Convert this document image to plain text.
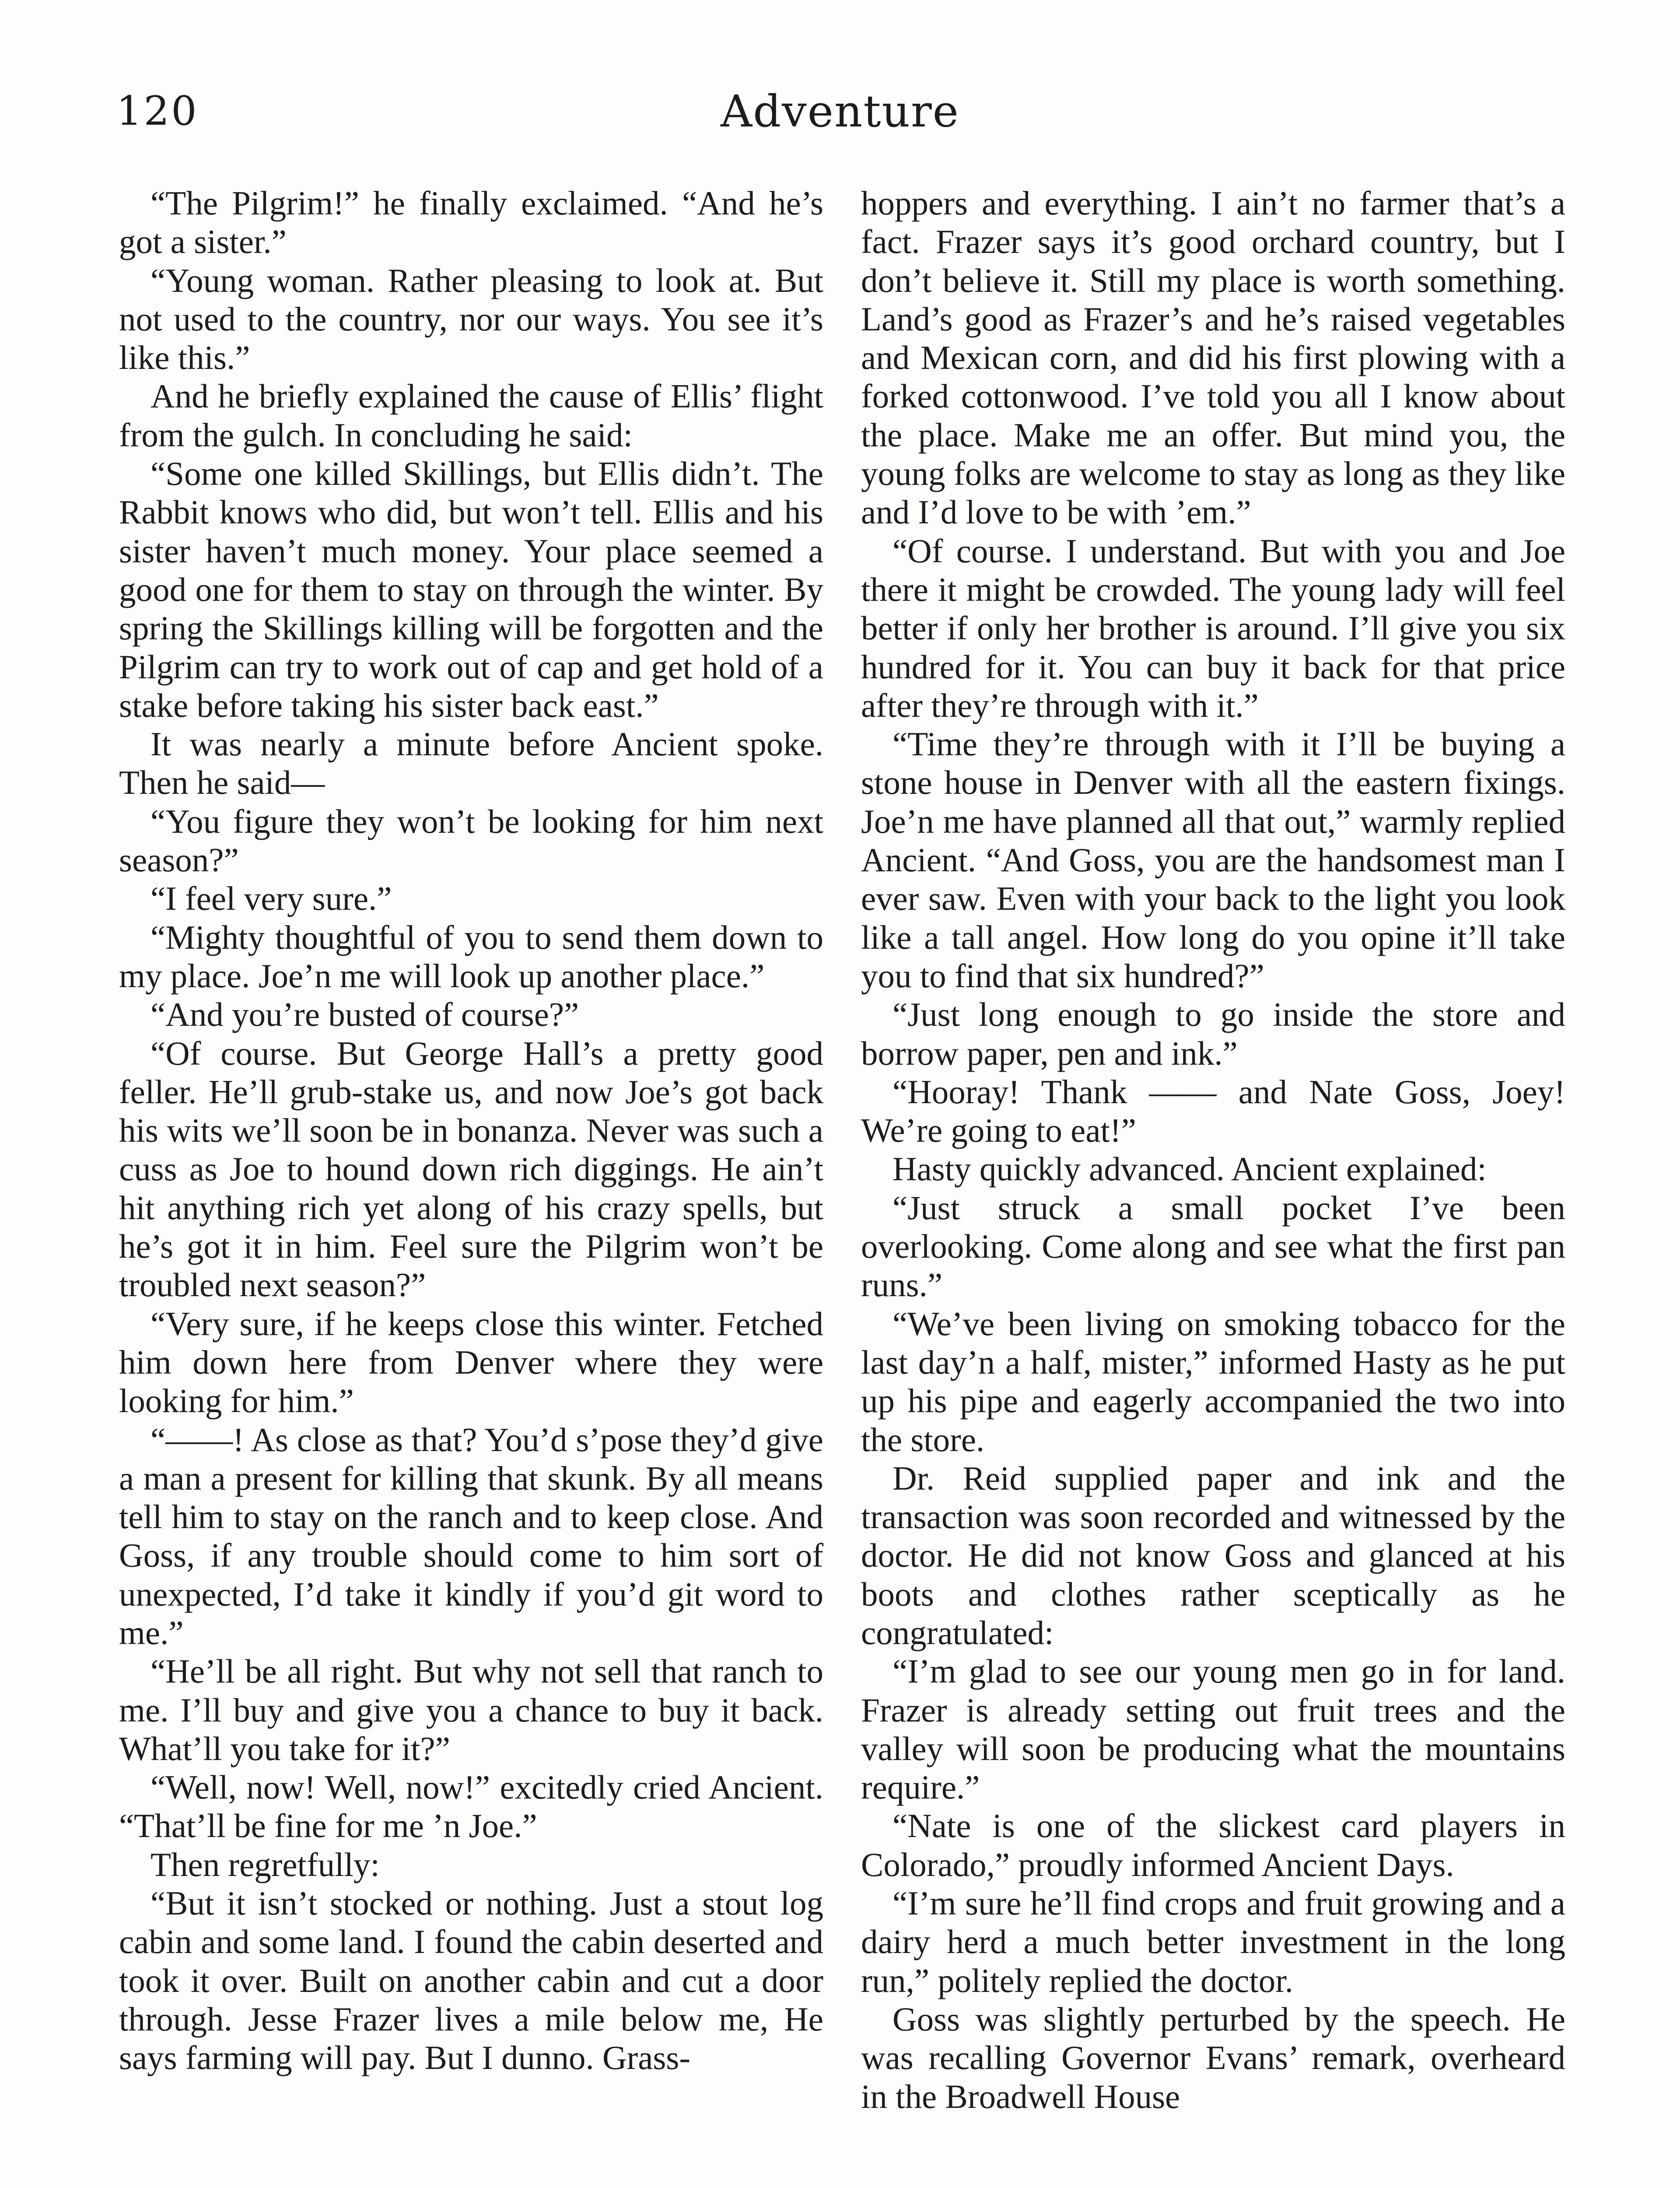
120	Adventure

“The Pilgrim!” he finally exclaimed. “And he’s got a sister.”

“Young woman. Rather pleasing to look at. But not used to the country, nor our ways. You see it’s like this.”

And he briefly explained the cause of Ellis’ flight from the gulch. In concluding he said:

“Some one killed Skillings, but Ellis didn’t. The Rabbit knows who did, but won’t tell. Ellis and his sister haven’t much money. Your place seemed a good one for them to stay on through the winter. By spring the Skillings killing will be forgotten and the Pilgrim can try to work out of cap and get hold of a stake before taking his sister back east.”

It was nearly a minute before Ancient spoke. Then he said—

“You figure they won’t be looking for him next season?”

“I feel very sure.”

“Mighty thoughtful of you to send them down to my place. Joe’n me will look up another place.”

“And you’re busted of course?”

“Of course. But George Hall’s a pretty good feller. He’ll grub-stake us, and now Joe’s got back his wits we’ll soon be in bonanza. Never was such a cuss as Joe to hound down rich diggings. He ain’t hit anything rich yet along of his crazy spells, but he’s got it in him. Feel sure the Pilgrim won’t be troubled next season?”

“Very sure, if he keeps close this winter. Fetched him down here from Denver where they were looking for him.”

“——! As close as that? You’d s’pose they’d give a man a present for killing that skunk. By all means tell him to stay on the ranch and to keep close. And Goss, if any trouble should come to him sort of unexpected, I’d take it kindly if you’d git word to me.”

“He’ll be all right. But why not sell that ranch to me. I’ll buy and give you a chance to buy it back. What’ll you take for it?”

“Well, now! Well, now!” excitedly cried Ancient. “That’ll be fine for me ’n Joe.”

Then regretfully:

“But it isn’t stocked or nothing. Just a stout log cabin and some land. I found the cabin deserted and took it over. Built on another cabin and cut a door through. Jesse Frazer lives a mile below me, He says farming will pay. But I dunno. Grass-

hoppers and everything. I ain’t no farmer that’s a fact. Frazer says it’s good orchard country, but I don’t believe it. Still my place is worth something. Land’s good as Frazer’s and he’s raised vegetables and Mexican corn, and did his first plowing with a forked cottonwood. I’ve told you all I know about the place. Make me an offer. But mind you, the young folks are welcome to stay as long as they like and I’d love to be with ’em.”

“Of course. I understand. But with you and Joe there it might be crowded. The young lady will feel better if only her brother is around. I’ll give you six hundred for it. You can buy it back for that price after they’re through with it.”

“Time they’re through with it I’ll be buying a stone house in Denver with all the eastern fixings. Joe’n me have planned all that out,” warmly replied Ancient. “And Goss, you are the handsomest man I ever saw. Even with your back to the light you look like a tall angel. How long do you opine it’ll take you to find that six hundred?”

“Just long enough to go inside the store and borrow paper, pen and ink.”

“Hooray! Thank —— and Nate Goss, Joey! We’re going to eat!”

Hasty quickly advanced. Ancient explained:

“Just struck a small pocket I’ve been overlooking. Come along and see what the first pan runs.”

“We’ve been living on smoking tobacco for the last day’n a half, mister,” informed Hasty as he put up his pipe and eagerly accompanied the two into the store.

Dr. Reid supplied paper and ink and the transaction was soon recorded and witnessed by the doctor. He did not know Goss and glanced at his boots and clothes rather sceptically as he congratulated:

“I’m glad to see our young men go in for land. Frazer is already setting out fruit trees and the valley will soon be producing what the mountains require.”

“Nate is one of the slickest card players in Colorado,” proudly informed Ancient Days.

“I’m sure he’ll find crops and fruit growing and a dairy herd a much better investment in the long run,” politely replied the doctor.

Goss was slightly perturbed by the speech. He was recalling Governor Evans’ remark, overheard in the Broadwell House
